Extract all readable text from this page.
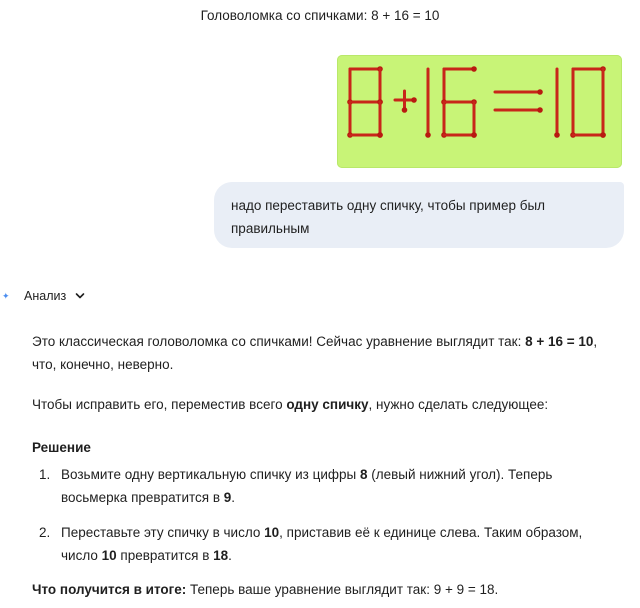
Головоломка со спичками: 8 + 16 = 10
надо переставить одну спичку, чтобы пример был правильным
✦ Анализ

Это классическая головоломка со спичками! Сейчас уравнение выглядит так: 8 + 16 = 10, что, конечно, неверно.

Чтобы исправить его, переместив всего одну спичку, нужно сделать следующее:

Решение

1. Возьмите одну вертикальную спичку из цифры 8 (левый нижний угол). Теперь восьмерка превратится в 9.
2. Переставьте эту спичку в число 10, приставив её к единице слева. Таким образом, число 10 превратится в 18.

Что получится в итоге: Теперь ваше уравнение выглядит так: 9 + 9 = 18.
